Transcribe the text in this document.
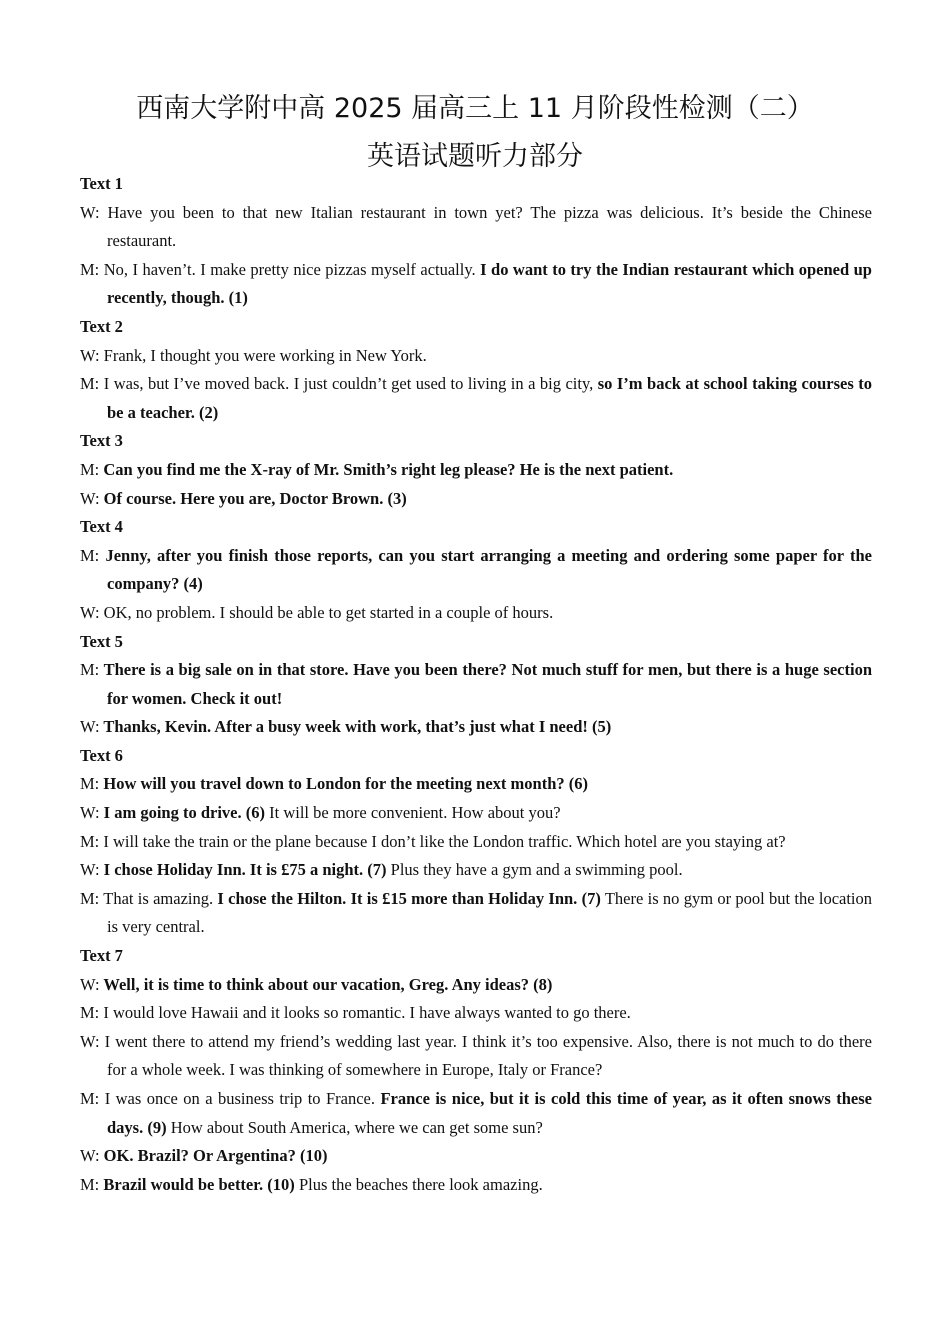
西南大学附中高 2025 届高三上 11 月阶段性检测（二）
英语试题听力部分
Text 1
W: Have you been to that new Italian restaurant in town yet? The pizza was delicious. It’s beside the Chinese restaurant.
M: No, I haven’t. I make pretty nice pizzas myself actually. I do want to try the Indian restaurant which opened up recently, though. (1)
Text 2
W: Frank, I thought you were working in New York.
M: I was, but I’ve moved back. I just couldn’t get used to living in a big city, so I’m back at school taking courses to be a teacher. (2)
Text 3
M: Can you find me the X-ray of Mr. Smith’s right leg please? He is the next patient.
W: Of course. Here you are, Doctor Brown. (3)
Text 4
M: Jenny, after you finish those reports, can you start arranging a meeting and ordering some paper for the company? (4)
W: OK, no problem. I should be able to get started in a couple of hours.
Text 5
M: There is a big sale on in that store. Have you been there? Not much stuff for men, but there is a huge section for women. Check it out!
W: Thanks, Kevin. After a busy week with work, that’s just what I need! (5)
Text 6
M: How will you travel down to London for the meeting next month? (6)
W: I am going to drive. (6) It will be more convenient. How about you?
M: I will take the train or the plane because I don’t like the London traffic. Which hotel are you staying at?
W: I chose Holiday Inn. It is £75 a night. (7) Plus they have a gym and a swimming pool.
M: That is amazing. I chose the Hilton. It is £15 more than Holiday Inn. (7) There is no gym or pool but the location is very central.
Text 7
W: Well, it is time to think about our vacation, Greg. Any ideas? (8)
M: I would love Hawaii and it looks so romantic. I have always wanted to go there.
W: I went there to attend my friend’s wedding last year. I think it’s too expensive. Also, there is not much to do there for a whole week. I was thinking of somewhere in Europe, Italy or France?
M: I was once on a business trip to France. France is nice, but it is cold this time of year, as it often snows these days. (9) How about South America, where we can get some sun?
W: OK. Brazil? Or Argentina? (10)
M: Brazil would be better. (10) Plus the beaches there look amazing.
